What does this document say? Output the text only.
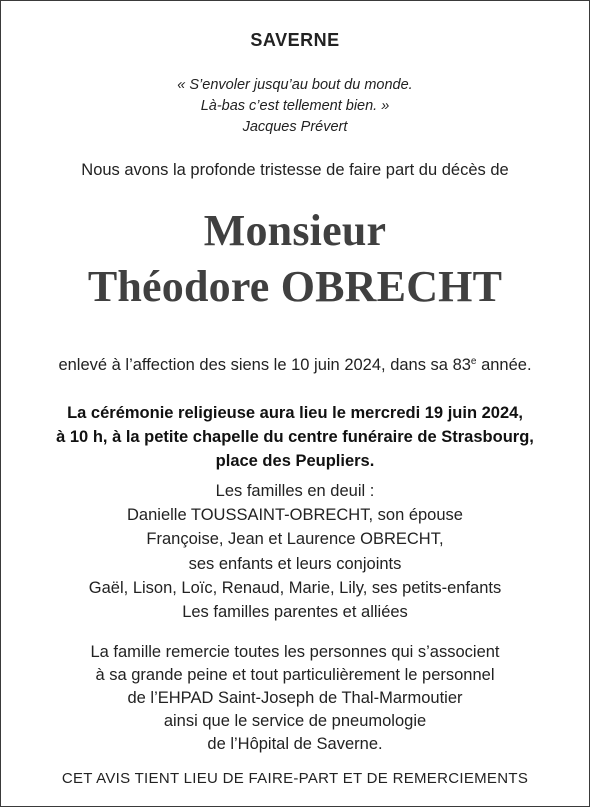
SAVERNE
« S’envoler jusqu’au bout du monde.
Là-bas c’est tellement bien. »
Jacques Prévert
Nous avons la profonde tristesse de faire part du décès de
Monsieur
Théodore OBRECHT
enlevé à l’affection des siens le 10 juin 2024, dans sa 83e année.
La cérémonie religieuse aura lieu le mercredi 19 juin 2024,
à 10 h, à la petite chapelle du centre funéraire de Strasbourg,
place des Peupliers.
Les familles en deuil :
Danielle TOUSSAINT-OBRECHT, son épouse
Françoise, Jean et Laurence OBRECHT,
ses enfants et leurs conjoints
Gaël, Lison, Loïc, Renaud, Marie, Lily, ses petits-enfants
Les familles parentes et alliées
La famille remercie toutes les personnes qui s’associent
à sa grande peine et tout particulièrement le personnel
de l’EHPAD Saint-Joseph de Thal-Marmoutier
ainsi que le service de pneumologie
de l’Hôpital de Saverne.
CET AVIS TIENT LIEU DE FAIRE-PART ET DE REMERCIEMENTS
